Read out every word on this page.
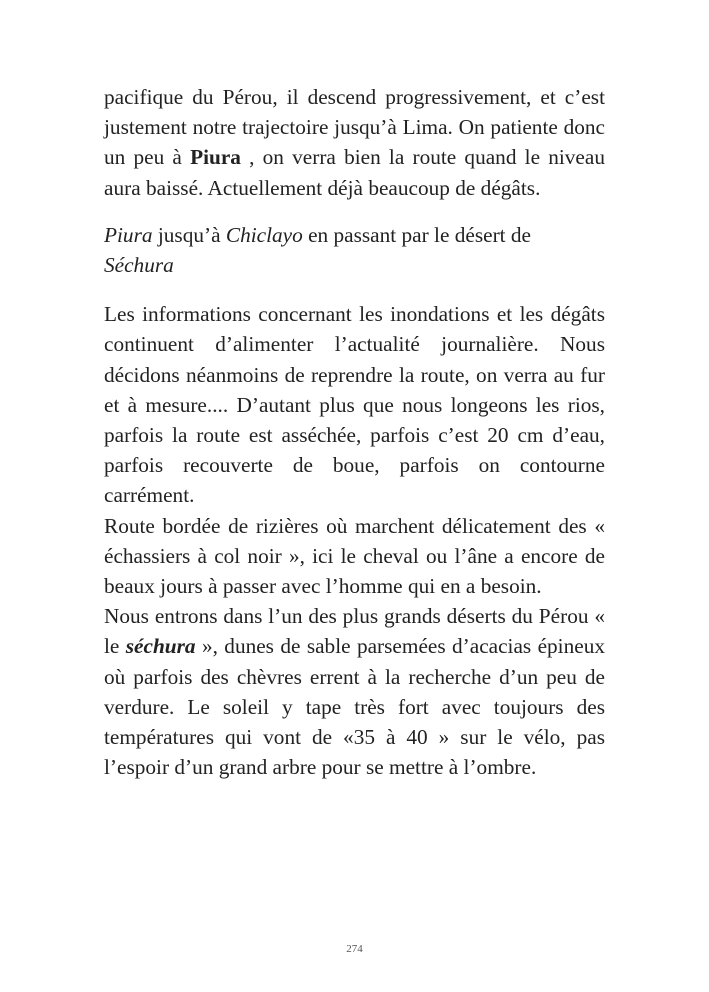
pacifique du Pérou, il descend progressivement, et c’est justement notre trajectoire jusqu’à Lima. On patiente donc un peu à Piura , on verra bien la route quand le niveau aura baissé. Actuellement déjà beaucoup de dégâts.

Piura jusqu’à Chiclayo en passant par le désert de Séchura

Les informations concernant les inondations et les dégâts continuent d’alimenter l’actualité journalière. Nous décidons néanmoins de reprendre la route, on verra au fur et à mesure.... D’autant plus que nous longeons les rios, parfois la route est asséchée, parfois c’est 20 cm d’eau, parfois recouverte de boue, parfois on contourne carrément.

Route bordée de rizières où marchent délicatement des « échassiers à col noir », ici le cheval ou l’âne a encore de beaux jours à passer avec l’homme qui en a besoin.

Nous entrons dans l’un des plus grands déserts du Pérou « le séchura », dunes de sable parsemées d’acacias épineux où parfois des chèvres errent à la recherche d’un peu de verdure. Le soleil y tape très fort avec toujours des températures qui vont de «35 à 40 » sur le vélo, pas l’espoir d’un grand arbre pour se mettre à l’ombre.

274
